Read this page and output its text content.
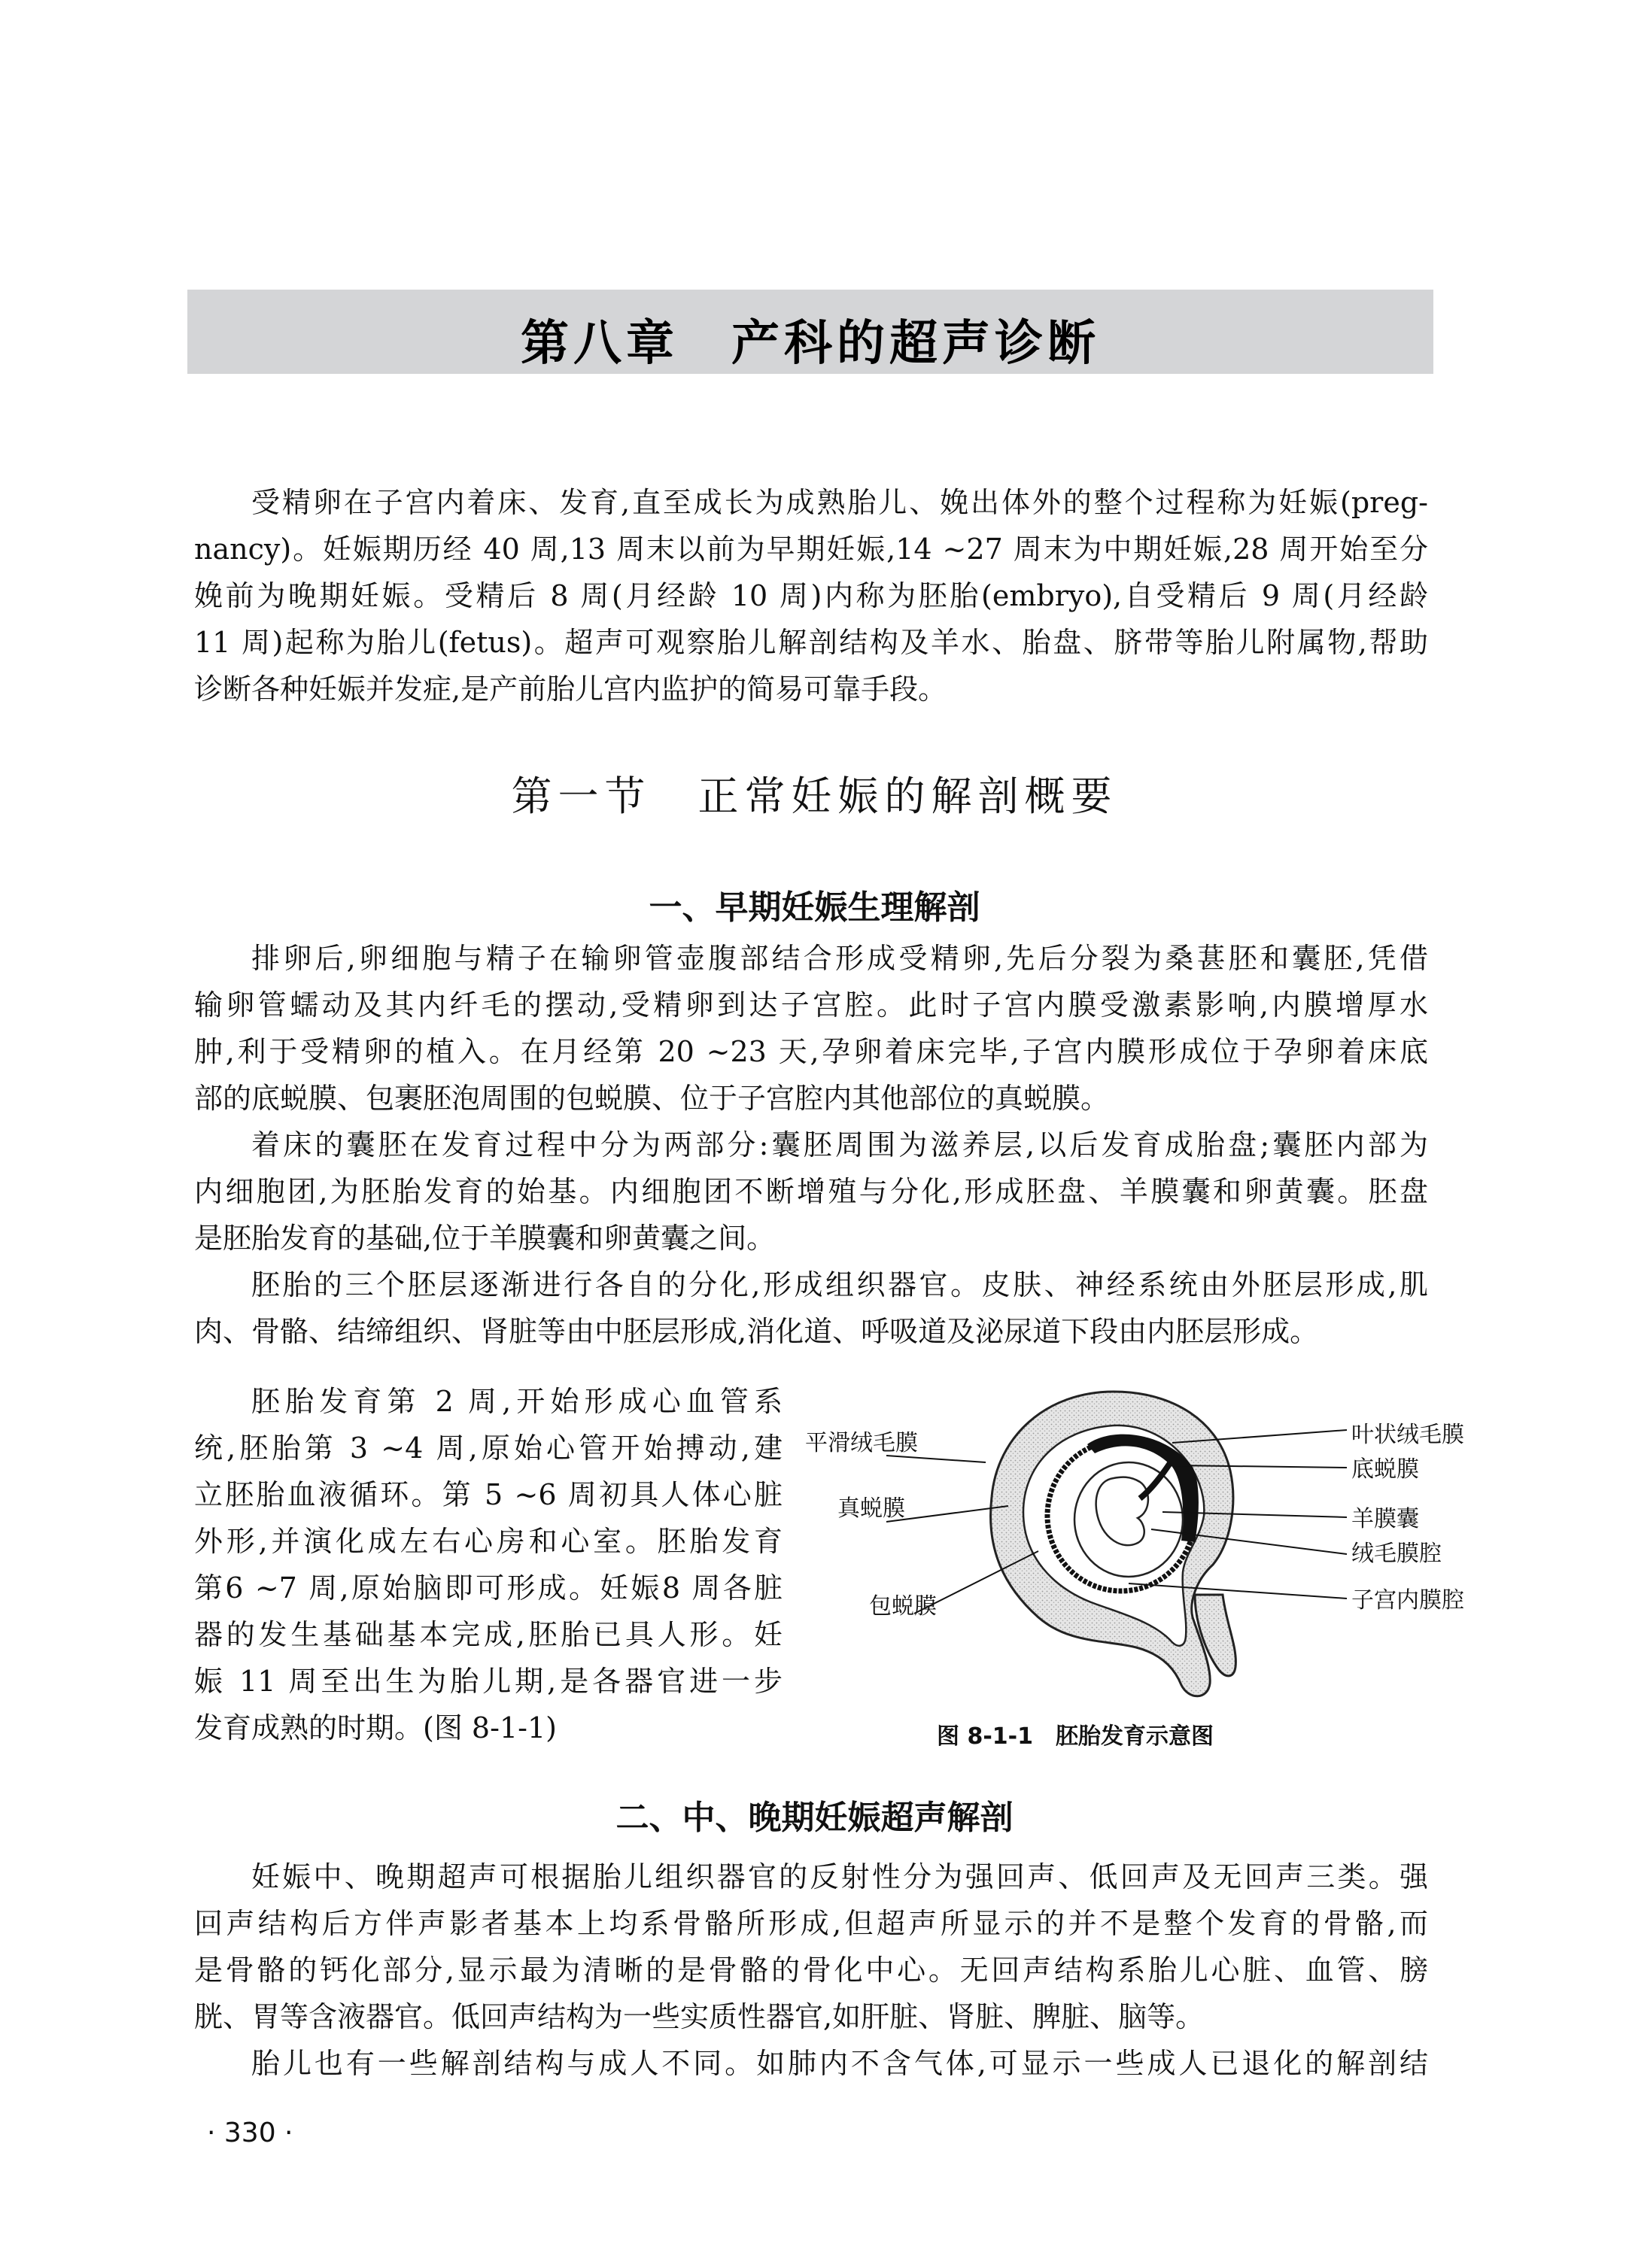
第八章　产科的超声诊断
受精卵在子宫内着床、发育,直至成长为成熟胎儿、娩出体外的整个过程称为妊娠(preg-
nancy)。妊娠期历经 40 周,13 周末以前为早期妊娠,14 ~27 周末为中期妊娠,28 周开始至分
娩前为晚期妊娠。受精后 8 周(月经龄 10 周)内称为胚胎(embryo),自受精后 9 周(月经龄
11 周)起称为胎儿(fetus)。超声可观察胎儿解剖结构及羊水、胎盘、脐带等胎儿附属物,帮助
诊断各种妊娠并发症,是产前胎儿宫内监护的简易可靠手段。
第一节　正常妊娠的解剖概要
一、早期妊娠生理解剖
排卵后,卵细胞与精子在输卵管壶腹部结合形成受精卵,先后分裂为桑葚胚和囊胚,凭借
输卵管蠕动及其内纤毛的摆动,受精卵到达子宫腔。此时子宫内膜受激素影响,内膜增厚水
肿,利于受精卵的植入。在月经第 20 ~23 天,孕卵着床完毕,子宫内膜形成位于孕卵着床底
部的底蜕膜、包裹胚泡周围的包蜕膜、位于子宫腔内其他部位的真蜕膜。
着床的囊胚在发育过程中分为两部分:囊胚周围为滋养层,以后发育成胎盘;囊胚内部为
内细胞团,为胚胎发育的始基。内细胞团不断增殖与分化,形成胚盘、羊膜囊和卵黄囊。胚盘
是胚胎发育的基础,位于羊膜囊和卵黄囊之间。
胚胎的三个胚层逐渐进行各自的分化,形成组织器官。皮肤、神经系统由外胚层形成,肌
肉、骨骼、结缔组织、肾脏等由中胚层形成,消化道、呼吸道及泌尿道下段由内胚层形成。
胚胎发育第 2 周,开始形成心血管系
统,胚胎第 3 ~4 周,原始心管开始搏动,建
立胚胎血液循环。第 5 ~6 周初具人体心脏
外形,并演化成左右心房和心室。胚胎发育
第6 ~7 周,原始脑即可形成。妊娠8 周各脏
器的发生基础基本完成,胚胎已具人形。妊
娠 11 周至出生为胎儿期,是各器官进一步
发育成熟的时期。(图 8-1-1)
平滑绒毛膜
真蜕膜
包蜕膜
叶状绒毛膜
底蜕膜
羊膜囊
绒毛膜腔
子宫内膜腔
图 8-1-1　胚胎发育示意图
二、中、晚期妊娠超声解剖
妊娠中、晚期超声可根据胎儿组织器官的反射性分为强回声、低回声及无回声三类。强
回声结构后方伴声影者基本上均系骨骼所形成,但超声所显示的并不是整个发育的骨骼,而
是骨骼的钙化部分,显示最为清晰的是骨骼的骨化中心。无回声结构系胎儿心脏、血管、膀
胱、胃等含液器官。低回声结构为一些实质性器官,如肝脏、肾脏、脾脏、脑等。
胎儿也有一些解剖结构与成人不同。如肺内不含气体,可显示一些成人已退化的解剖结
· 330 ·
